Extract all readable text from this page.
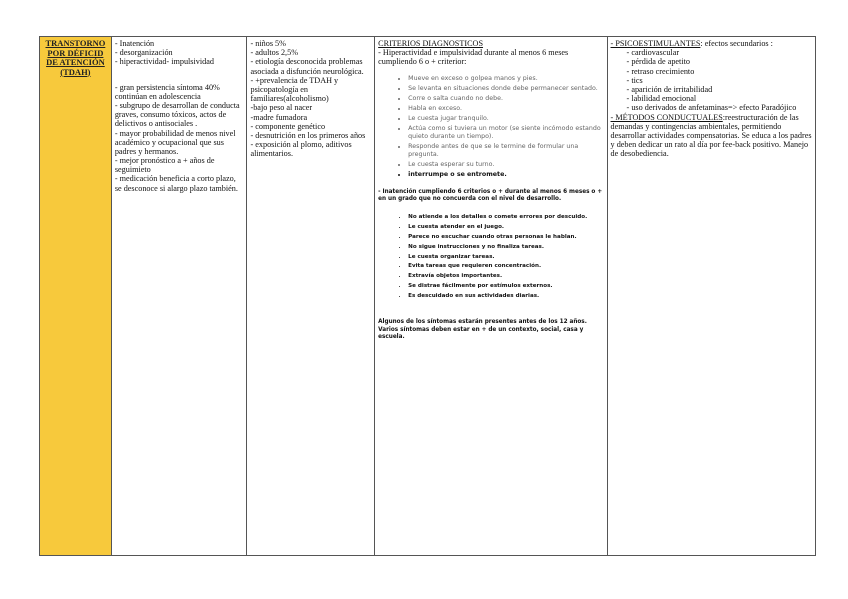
TRANSTORNO POR DÉFICID DE ATENCIÓN (TDAH)
- Inatención
- desorganización
- hiperactividad- impulsividad
- gran persistencia síntoma 40% continúan en adolescencia
- subgrupo de desarrollan de conducta graves, consumo tóxicos, actos de delictivos o antisociales .
- mayor probabilidad de menos nivel académico y ocupacional que sus padres y hermanos.
- mejor pronóstico a + años de seguimieto
- medicación beneficia a corto plazo, se desconoce si alargo plazo también.
- niños 5%
- adultos 2,5%
- etiología desconocida problemas asociada a disfunción neurológica.
- +prevalencia de TDAH y psicopatología en familiares(alcoholismo)
-bajo peso al nacer
-madre fumadora
- componente genético
- desnutrición en los primeros años
- exposición al plomo, aditivos alimentarios.
CRITERIOS DIAGNOSTICOS
- Hiperactividad e impulsividad durante al menos 6 meses cumpliendo 6 o + criterior:
• Mueve en exceso o golpea manos y pies.
• Se levanta en situaciones donde debe permanecer sentado.
• Corre o salta cuando no debe.
• Habla en exceso.
• Le cuesta jugar tranquilo.
• Actúa como si tuviera un motor (se siente incómodo estando quieto durante un tiempo).
• Responde antes de que se le termine de formular una pregunta.
• Le cuesta esperar su turno.
• interrumpe o se entromete.
- Inatención cumpliendo 6 criterios o + durante al menos 6 meses o + en un grado que no concuerda con el nivel de desarrollo.
• No atiende a los detalles o comete errores por descuido.
• Le cuesta atender en el juego.
• Parece no escuchar cuando otras personas le hablan.
• No sigue instrucciones y no finaliza tareas.
• Le cuesta organizar tareas.
• Evita tareas que requieren concentración.
• Extravía objetos importantes.
• Se distrae fácilmente por estímulos externos.
• Es descuidado en sus actividades diarias.
Algunos de los síntomas estarán presentes antes de los 12 años. Varios síntomas deben estar en + de un contexto, social, casa y escuela.
- PSICOESTIMULANTES: efectos secundarios :
- cardiovascular
- pérdida de apetito
- retraso crecimiento
- tics
- aparición de irritabilidad
- labilidad emocional
- uso derivados de anfetaminas=> efecto Paradójico
- MÉTODOS CONDUCTUALES:reestructuración de las demandas y contingencias ambientales, permitiendo desarrollar actividades compensatorias. Se educa a los padres y deben dedicar un rato al día por fee-back positivo. Manejo de desobediencia.
